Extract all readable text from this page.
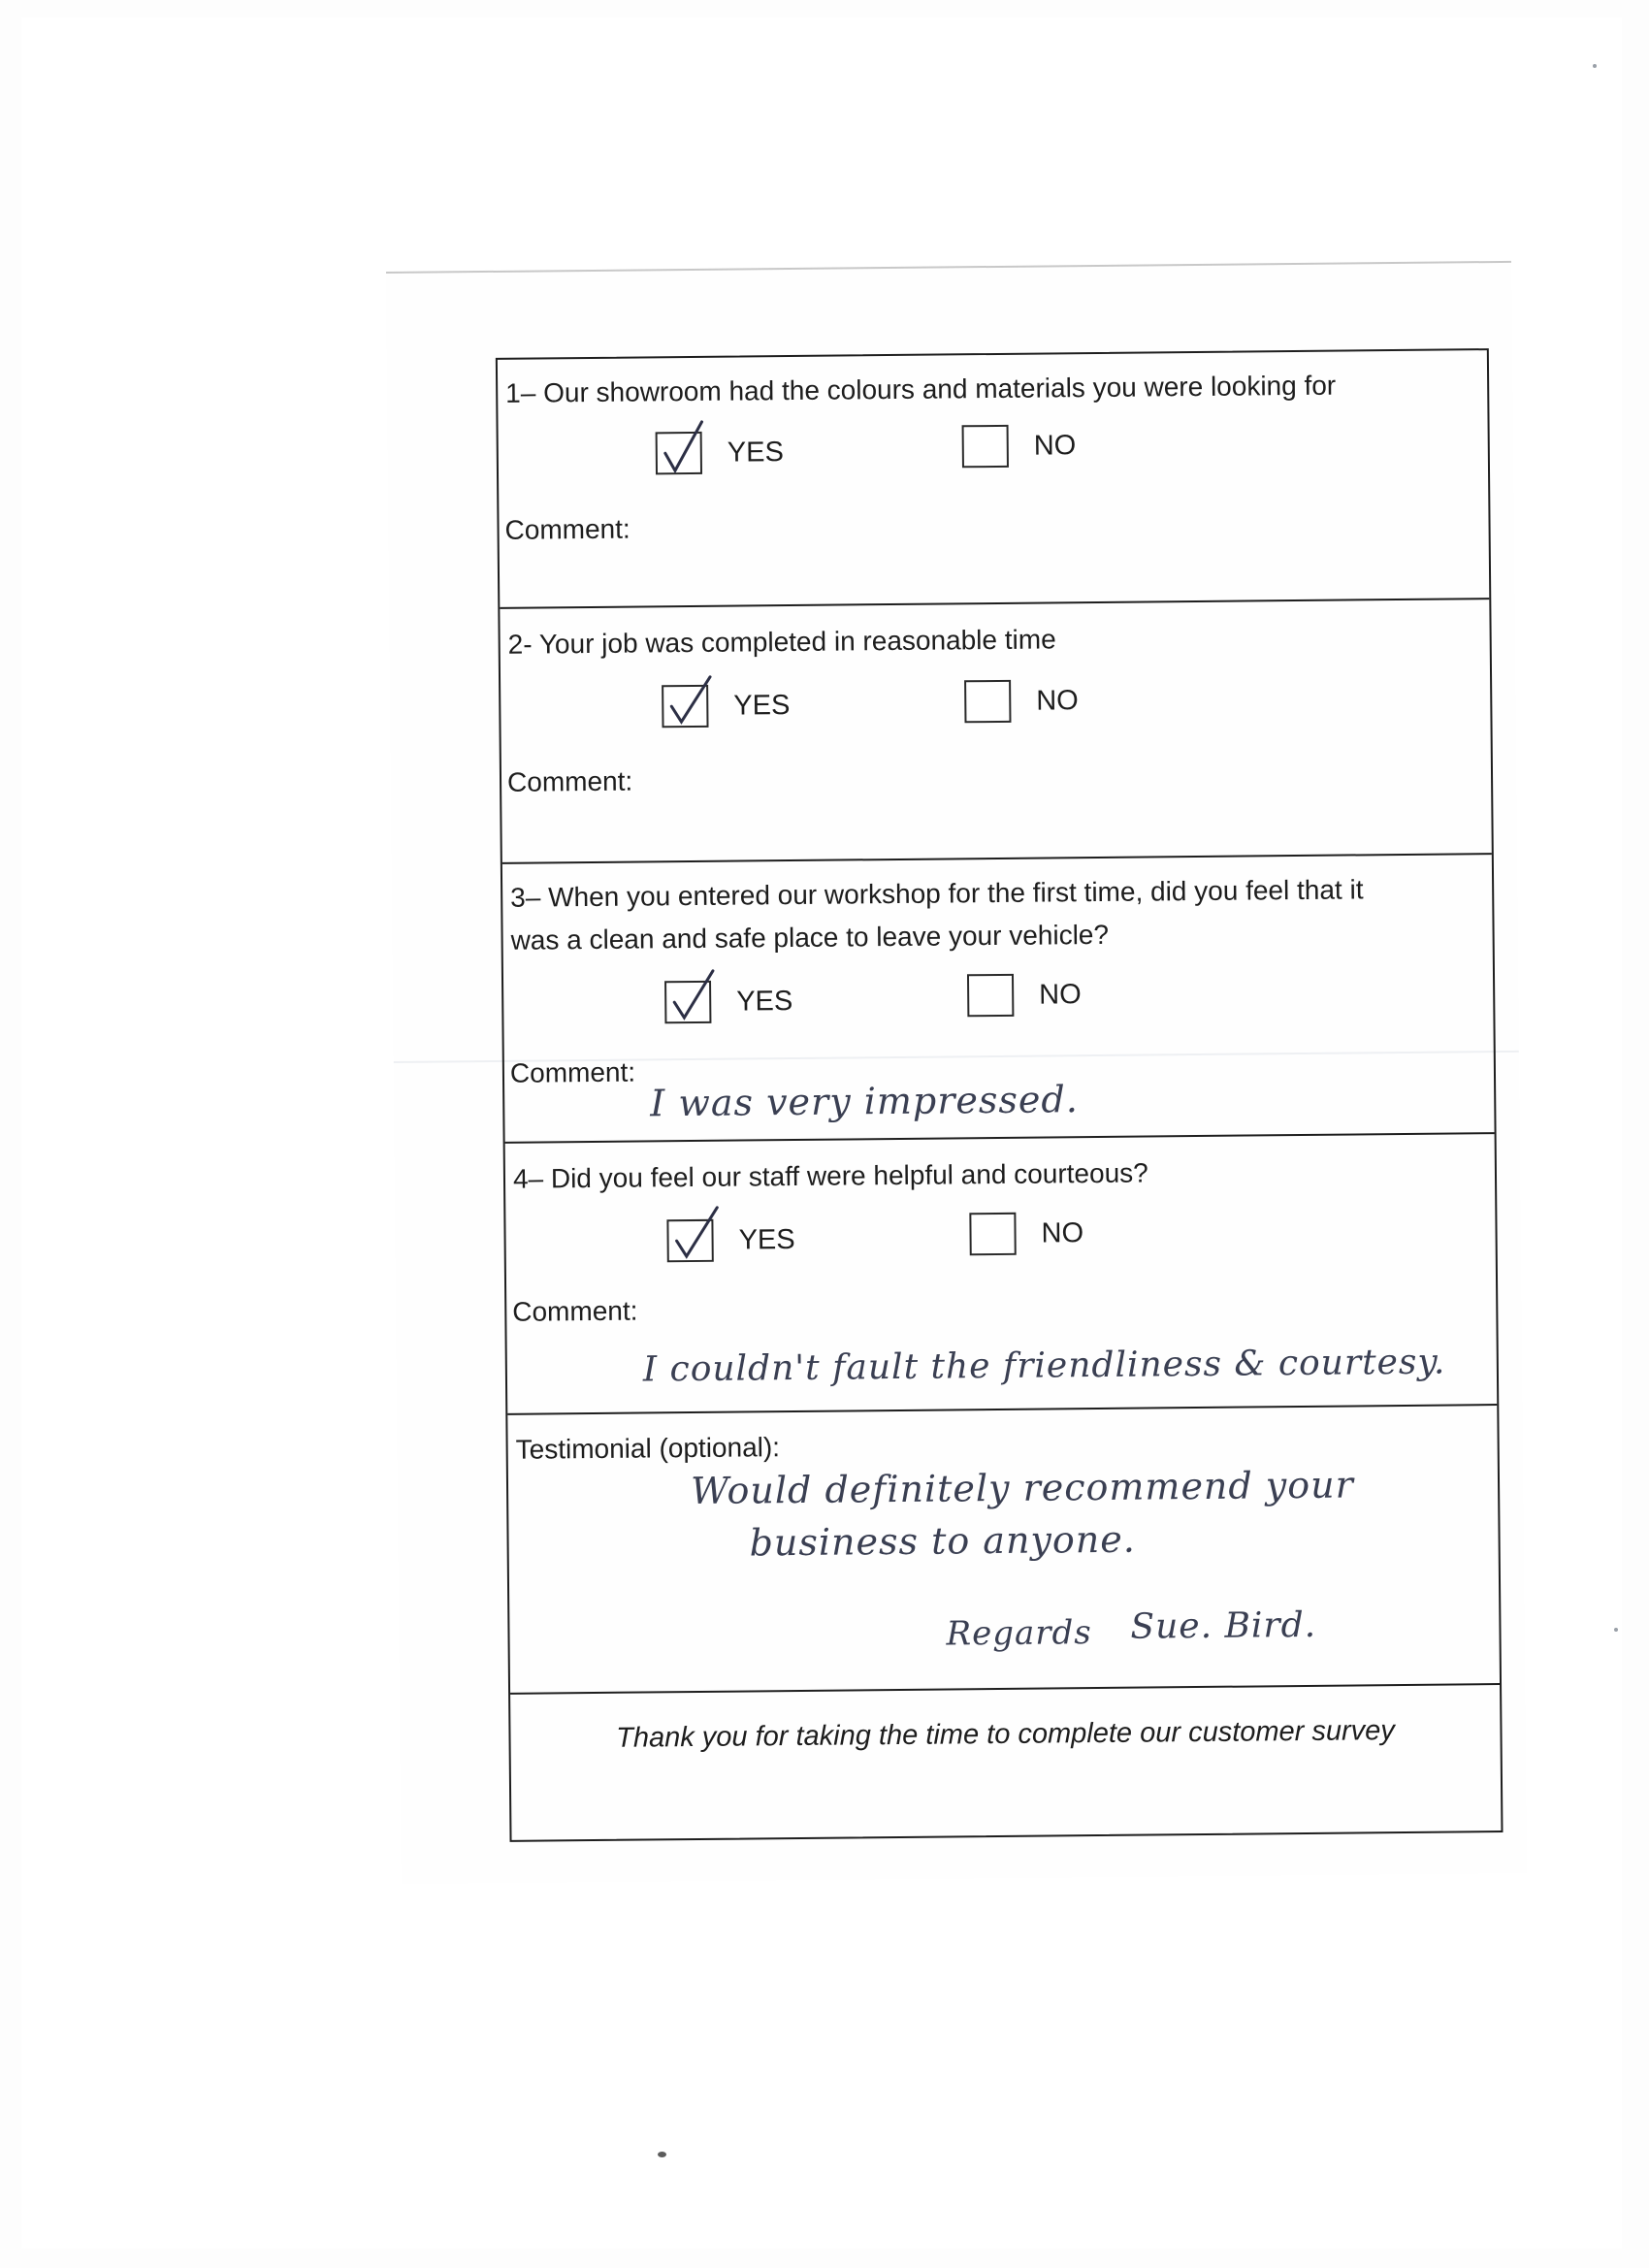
1– Our showroom had the colours and materials you were looking for
YES	NO
Comment:
2- Your job was completed in reasonable time
YES	NO
Comment:
3– When you entered our workshop for the first time, did you feel that it
was a clean and safe place to leave your vehicle?
YES	NO
Comment:
I was very impressed.
4– Did you feel our staff were helpful and courteous?
YES	NO
Comment:
I couldn't fault the friendliness & courtesy.
Testimonial (optional):
Would definitely recommend your
business to anyone.
Regards Sue. Bird.
Thank you for taking the time to complete our customer survey
